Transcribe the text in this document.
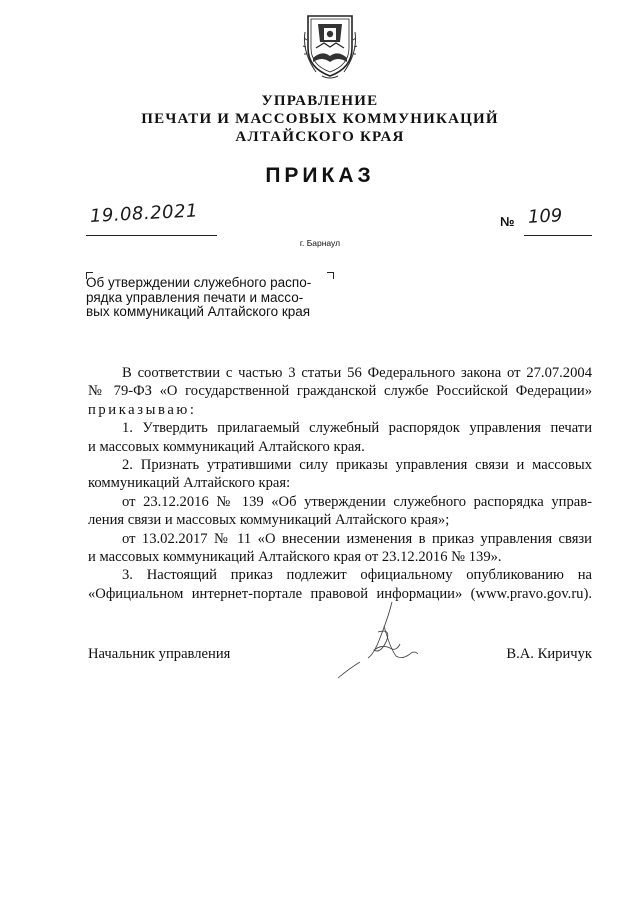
УПРАВЛЕНИЕ
ПЕЧАТИ И МАССОВЫХ КОММУНИКАЦИЙ
АЛТАЙСКОГО КРАЯ
ПРИКАЗ
19.08.2021	№ 109
г. Барнаул
Об утверждении служебного распо-
рядка управления печати и массо-
вых коммуникаций Алтайского края
В соответствии с частью 3 статьи 56 Федерального закона от 27.07.2004
№ 79-ФЗ «О государственной гражданской службе Российской Федерации»
приказываю:
1. Утвердить прилагаемый служебный распорядок управления печати
и массовых коммуникаций Алтайского края.
2. Признать утратившими силу приказы управления связи и массовых
коммуникаций Алтайского края:
от 23.12.2016 № 139 «Об утверждении служебного распорядка управ-
ления связи и массовых коммуникаций Алтайского края»;
от 13.02.2017 № 11 «О внесении изменения в приказ управления связи
и массовых коммуникаций Алтайского края от 23.12.2016 № 139».
3. Настоящий приказ подлежит официальному опубликованию на
«Официальном интернет-портале правовой информации» (www.pravo.gov.ru).
Начальник управления	В.А. Киричук
